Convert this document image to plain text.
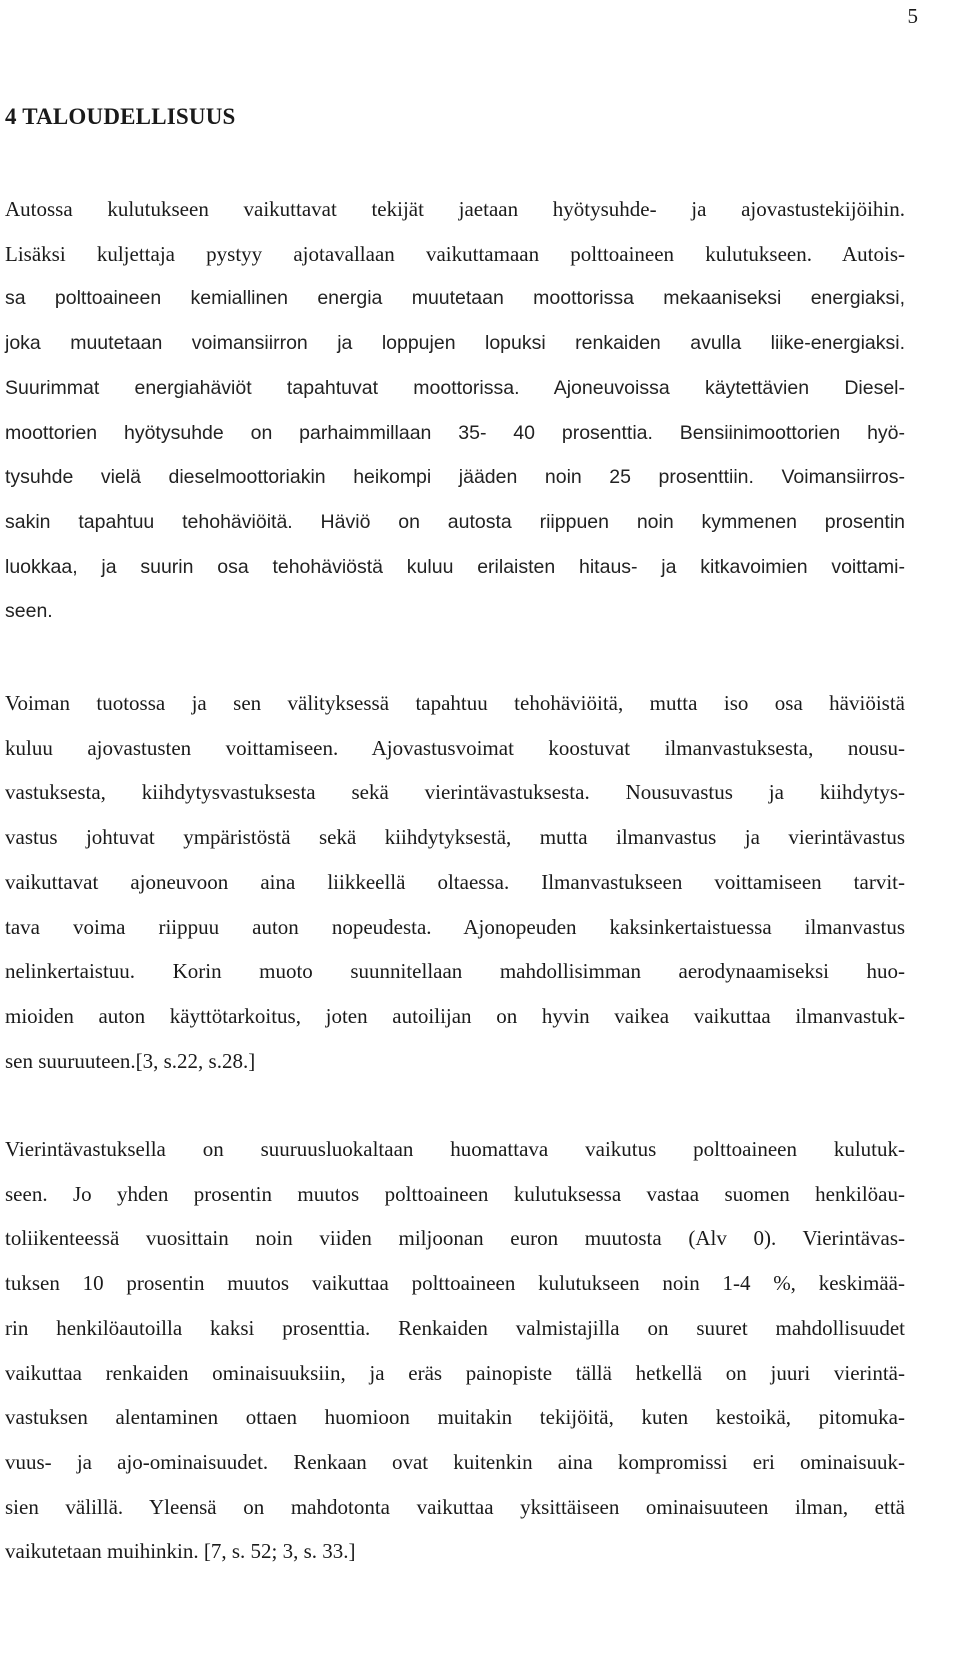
5

4 TALOUDELLISUUS
Autossa kulutukseen vaikuttavat tekijät jaetaan hyötysuhde- ja ajovastustekijöihin.
Lisäksi kuljettaja pystyy ajotavallaan vaikuttamaan polttoaineen kulutukseen. Autois-
sa polttoaineen kemiallinen energia muutetaan moottorissa mekaaniseksi energiaksi,
joka muutetaan voimansiirron ja loppujen lopuksi renkaiden avulla liike-energiaksi.
Suurimmat energiahäviöt tapahtuvat moottorissa. Ajoneuvoissa käytettävien Diesel-
moottorien hyötysuhde on parhaimmillaan 35- 40 prosenttia. Bensiinimoottorien hyö-
tysuhde vielä dieselmoottoriakin heikompi jääden noin 25 prosenttiin. Voimansiirros-
sakin tapahtuu tehohäviöitä. Häviö on autosta riippuen noin kymmenen prosentin
luokkaa, ja suurin osa tehohäviöstä kuluu erilaisten hitaus- ja kitkavoimien voittami-
seen.
Voiman tuotossa ja sen välityksessä tapahtuu tehohäviöitä, mutta iso osa häviöistä
kuluu ajovastusten voittamiseen. Ajovastusvoimat koostuvat ilmanvastuksesta, nousu-
vastuksesta, kiihdytysvastuksesta sekä vierintävastuksesta. Nousuvastus ja kiihdytys-
vastus johtuvat ympäristöstä sekä kiihdytyksestä, mutta ilmanvastus ja vierintävastus
vaikuttavat ajoneuvoon aina liikkeellä oltaessa. Ilmanvastukseen voittamiseen tarvit-
tava voima riippuu auton nopeudesta. Ajonopeuden kaksinkertaistuessa ilmanvastus
nelinkertaistuu. Korin muoto suunnitellaan mahdollisimman aerodynaamiseksi huo-
mioiden auton käyttötarkoitus, joten autoilijan on hyvin vaikea vaikuttaa ilmanvastuk-
sen suuruuteen.[3, s.22, s.28.]
Vierintävastuksella on suuruusluokaltaan huomattava vaikutus polttoaineen kulutuk-
seen. Jo yhden prosentin muutos polttoaineen kulutuksessa vastaa suomen henkilöau-
toliikenteessä vuosittain noin viiden miljoonan euron muutosta (Alv 0). Vierintävas-
tuksen 10 prosentin muutos vaikuttaa polttoaineen kulutukseen noin 1-4 %, keskimää-
rin henkilöautoilla kaksi prosenttia. Renkaiden valmistajilla on suuret mahdollisuudet
vaikuttaa renkaiden ominaisuuksiin, ja eräs painopiste tällä hetkellä on juuri vierintä-
vastuksen alentaminen ottaen huomioon muitakin tekijöitä, kuten kestoikä, pitomuka-
vuus- ja ajo-ominaisuudet. Renkaan ovat kuitenkin aina kompromissi eri ominaisuuk-
sien välillä. Yleensä on mahdotonta vaikuttaa yksittäiseen ominaisuuteen ilman, että
vaikutetaan muihinkin. [7, s. 52; 3, s. 33.]
